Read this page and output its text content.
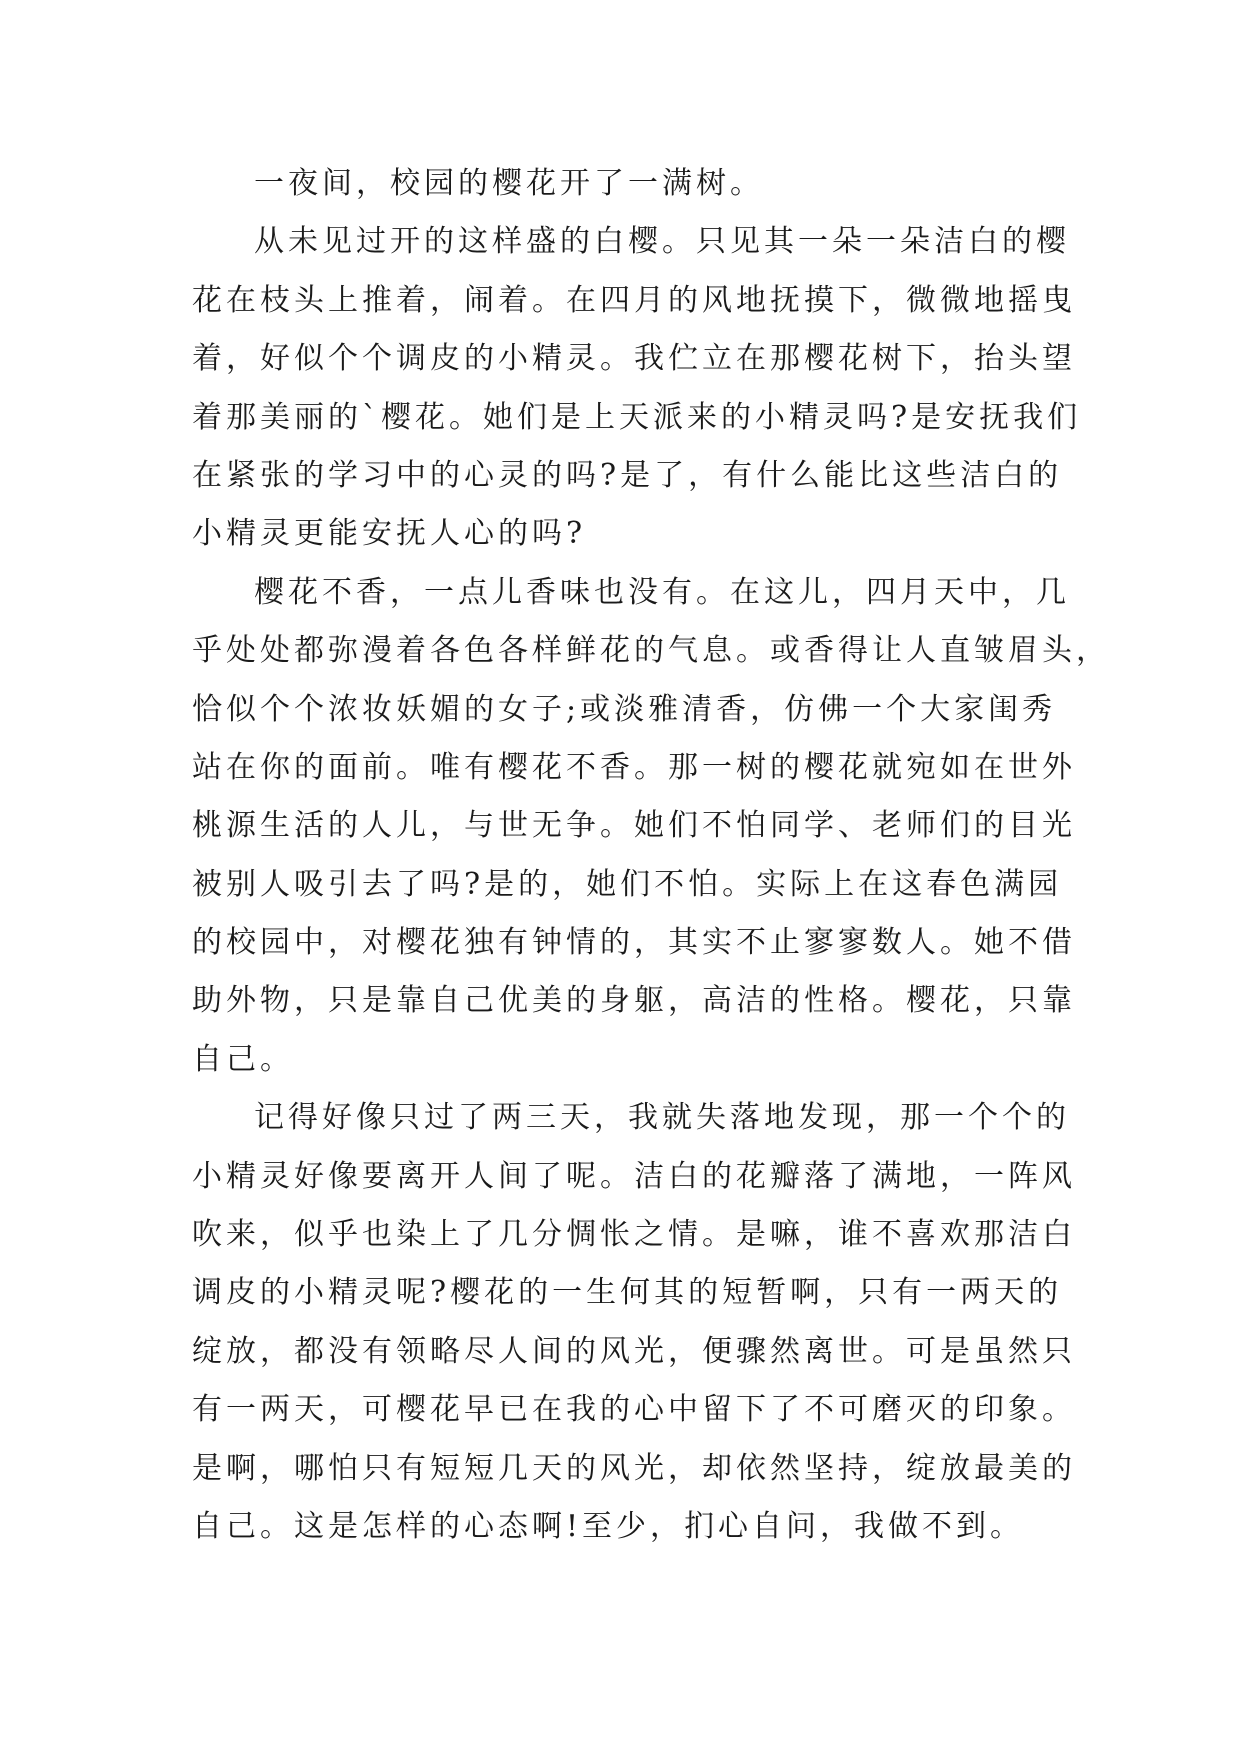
一夜间，校园的樱花开了一满树。
从未见过开的这样盛的白樱。只见其一朵一朵洁白的樱
花在枝头上推着，闹着。在四月的风地抚摸下，微微地摇曳
着，好似个个调皮的小精灵。我伫立在那樱花树下，抬头望
着那美丽的`樱花。她们是上天派来的小精灵吗?是安抚我们
在紧张的学习中的心灵的吗?是了，有什么能比这些洁白的
小精灵更能安抚人心的吗?
樱花不香，一点儿香味也没有。在这儿，四月天中，几
乎处处都弥漫着各色各样鲜花的气息。或香得让人直皱眉头，
恰似个个浓妆妖媚的女子;或淡雅清香，仿佛一个大家闺秀
站在你的面前。唯有樱花不香。那一树的樱花就宛如在世外
桃源生活的人儿，与世无争。她们不怕同学、老师们的目光
被别人吸引去了吗?是的，她们不怕。实际上在这春色满园
的校园中，对樱花独有钟情的，其实不止寥寥数人。她不借
助外物，只是靠自己优美的身躯，高洁的性格。樱花，只靠
自己。
记得好像只过了两三天，我就失落地发现，那一个个的
小精灵好像要离开人间了呢。洁白的花瓣落了满地，一阵风
吹来，似乎也染上了几分惆怅之情。是嘛，谁不喜欢那洁白
调皮的小精灵呢?樱花的一生何其的短暂啊，只有一两天的
绽放，都没有领略尽人间的风光，便骤然离世。可是虽然只
有一两天，可樱花早已在我的心中留下了不可磨灭的印象。
是啊，哪怕只有短短几天的风光，却依然坚持，绽放最美的
自己。这是怎样的心态啊!至少，扪心自问，我做不到。
